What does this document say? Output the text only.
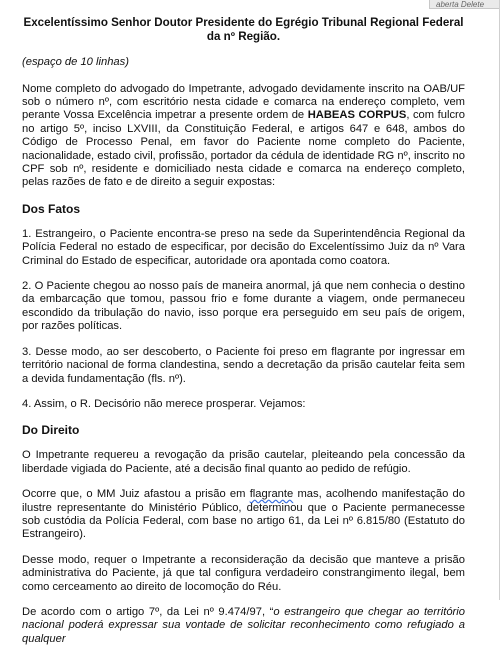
aberta Delete
Excelentíssimo Senhor Doutor Presidente do Egrégio Tribunal Regional Federal
da nº Região.
(espaço de 10 linhas)

Nome completo do advogado do Impetrante, advogado devidamente inscrito na OAB/UF sob o número nº, com escritório nesta cidade e comarca na endereço completo, vem perante Vossa Excelência impetrar a presente ordem de HABEAS CORPUS, com fulcro no artigo 5º, inciso LXVIII, da Constituição Federal, e artigos 647 e 648, ambos do Código de Processo Penal, em favor do Paciente nome completo do Paciente, nacionalidade, estado civil, profissão, portador da cédula de identidade RG nº, inscrito no CPF sob nº, residente e domiciliado nesta cidade e comarca na endereço completo, pelas razões de fato e de direito a seguir expostas:

Dos Fatos

1. Estrangeiro, o Paciente encontra-se preso na sede da Superintendência Regional da Polícia Federal no estado de especificar, por decisão do Excelentíssimo Juiz da nº Vara Criminal do Estado de especificar, autoridade ora apontada como coatora.

2. O Paciente chegou ao nosso país de maneira anormal, já que nem conhecia o destino da embarcação que tomou, passou frio e fome durante a viagem, onde permaneceu escondido da tribulação do navio, isso porque era perseguido em seu país de origem, por razões políticas.

3. Desse modo, ao ser descoberto, o Paciente foi preso em flagrante por ingressar em território nacional de forma clandestina, sendo a decretação da prisão cautelar feita sem a devida fundamentação (fls. nº).

4. Assim, o R. Decisório não merece prosperar. Vejamos:

Do Direito

O Impetrante requereu a revogação da prisão cautelar, pleiteando pela concessão da liberdade vigiada do Paciente, até a decisão final quanto ao pedido de refúgio.

Ocorre que, o MM Juiz afastou a prisão em flagrante mas, acolhendo manifestação do ilustre representante do Ministério Público, determinou que o Paciente permanecesse sob custódia da Polícia Federal, com base no artigo 61, da Lei nº 6.815/80 (Estatuto do Estrangeiro).

Desse modo, requer o Impetrante a reconsideração da decisão que manteve a prisão administrativa do Paciente, já que tal configura verdadeiro constrangimento ilegal, bem como cerceamento ao direito de locomoção do Réu.

De acordo com o artigo 7º, da Lei nº 9.474/97, “o estrangeiro que chegar ao território nacional poderá expressar sua vontade de solicitar reconhecimento como refugiado a qualquer
